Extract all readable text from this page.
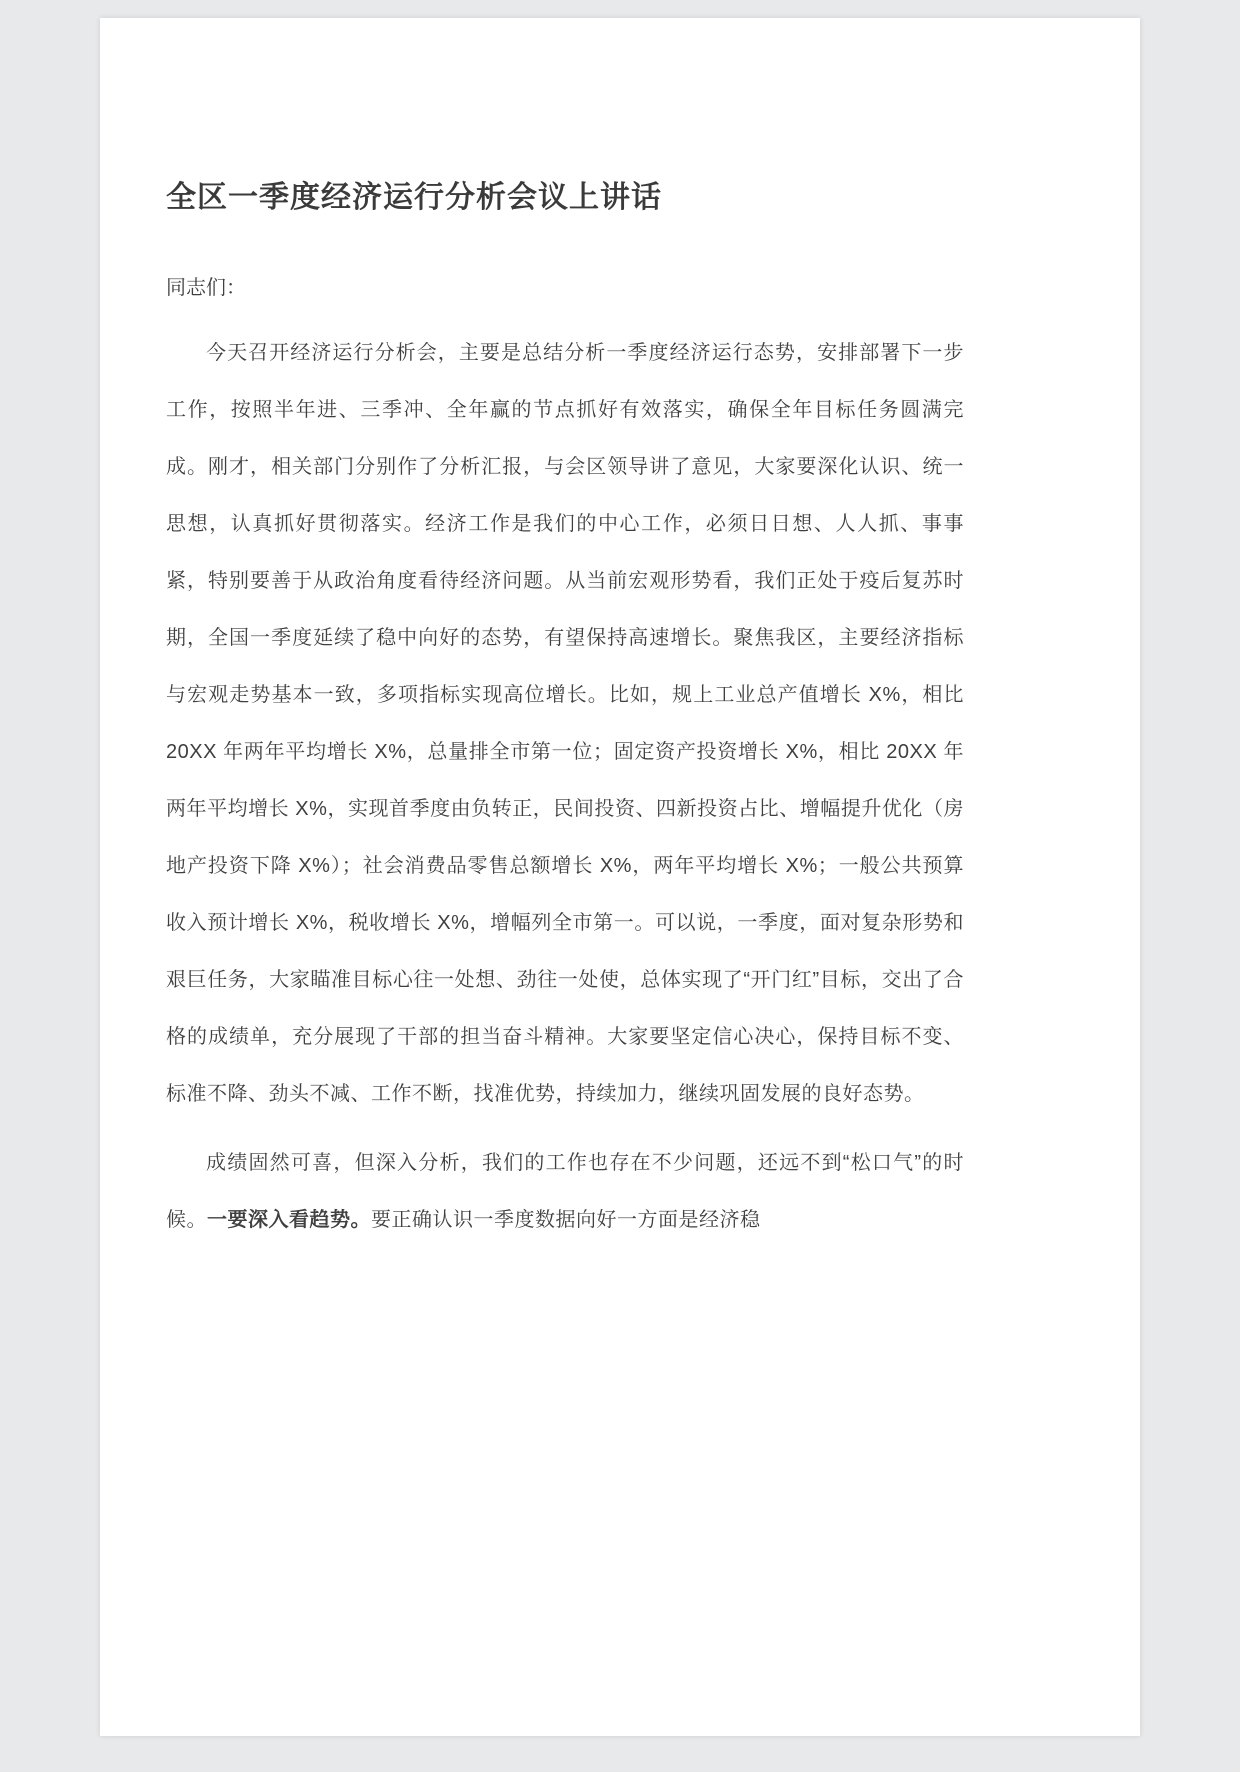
全区一季度经济运行分析会议上讲话

同志们：

今天召开经济运行分析会，主要是总结分析一季度经济运行态势，安排部署下一步工作，按照半年进、三季冲、全年赢的节点抓好有效落实，确保全年目标任务圆满完成。刚才，相关部门分别作了分析汇报，与会区领导讲了意见，大家要深化认识、统一思想，认真抓好贯彻落实。经济工作是我们的中心工作，必须日日想、人人抓、事事紧，特别要善于从政治角度看待经济问题。从当前宏观形势看，我们正处于疫后复苏时期，全国一季度延续了稳中向好的态势，有望保持高速增长。聚焦我区，主要经济指标与宏观走势基本一致，多项指标实现高位增长。比如，规上工业总产值增长 X%，相比 20XX 年两年平均增长 X%，总量排全市第一位；固定资产投资增长 X%，相比 20XX 年两年平均增长 X%，实现首季度由负转正，民间投资、四新投资占比、增幅提升优化（房地产投资下降 X%）；社会消费品零售总额增长 X%，两年平均增长 X%；一般公共预算收入预计增长 X%，税收增长 X%，增幅列全市第一。可以说，一季度，面对复杂形势和艰巨任务，大家瞄准目标心往一处想、劲往一处使，总体实现了“开门红”目标，交出了合格的成绩单，充分展现了干部的担当奋斗精神。大家要坚定信心决心，保持目标不变、标准不降、劲头不减、工作不断，找准优势，持续加力，继续巩固发展的良好态势。

成绩固然可喜，但深入分析，我们的工作也存在不少问题，还远不到“松口气”的时候。一要深入看趋势。要正确认识一季度数据向好一方面是经济稳
